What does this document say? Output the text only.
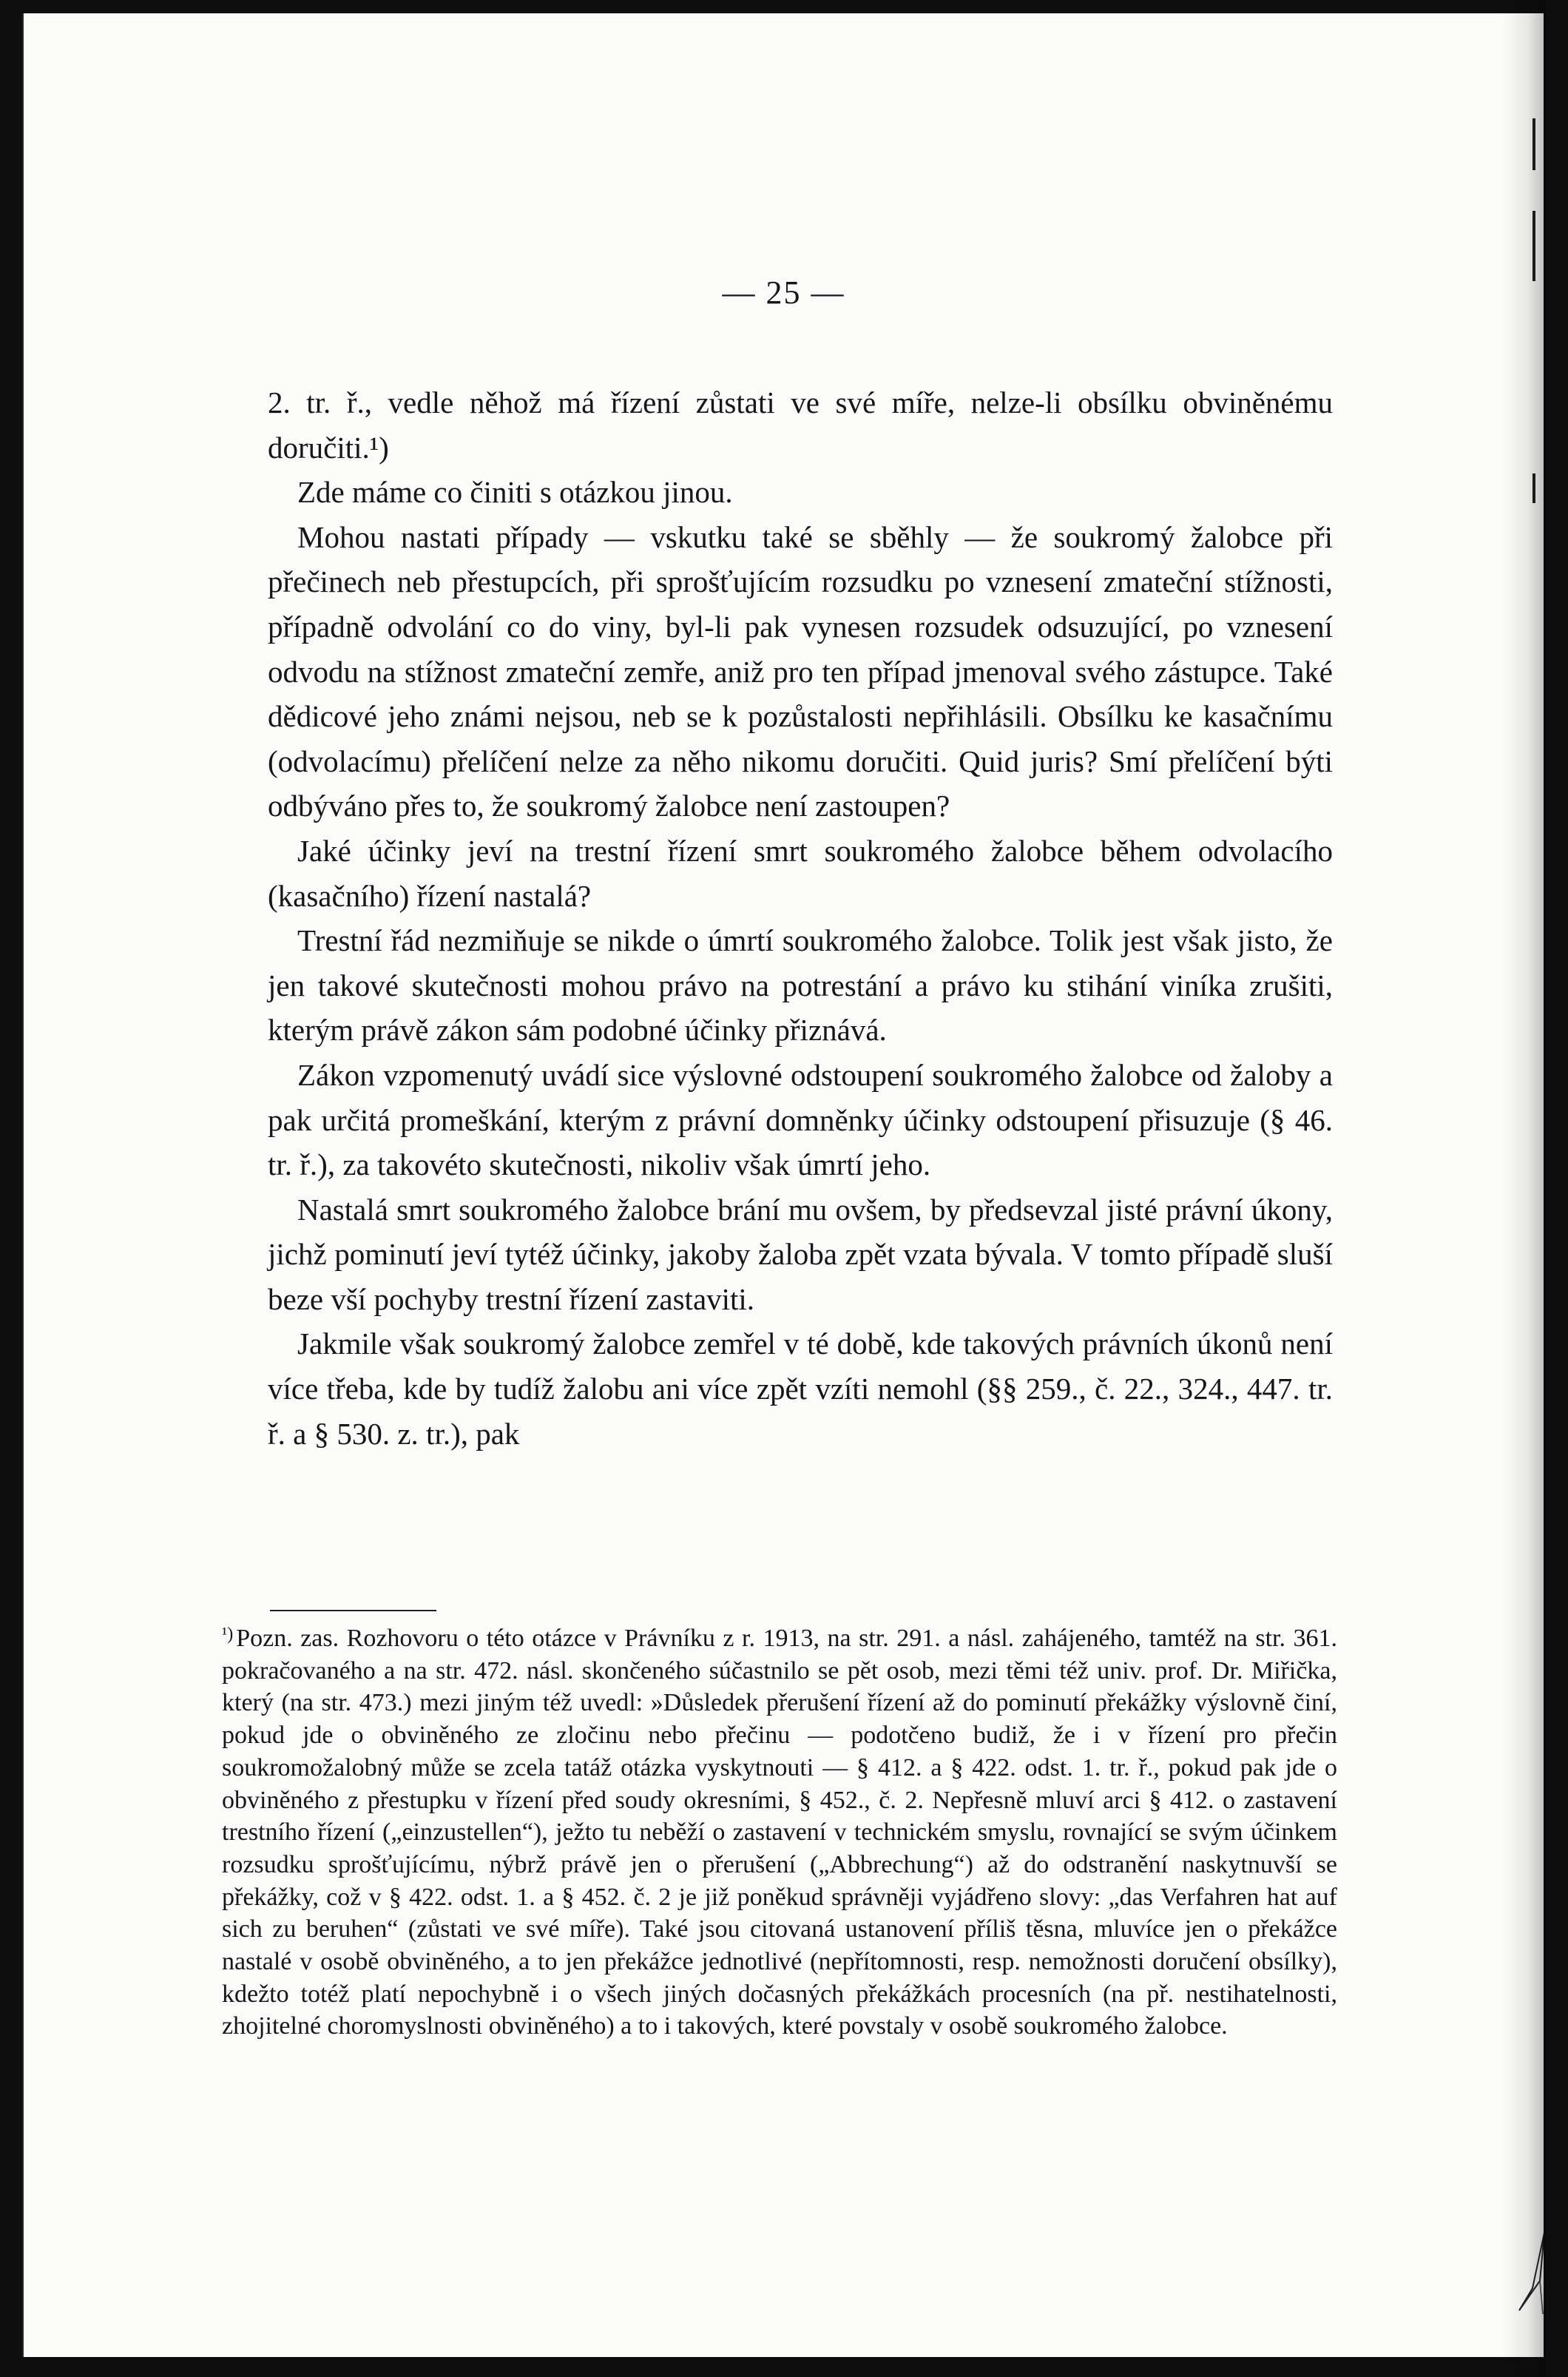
— 25 —

2. tr. ř., vedle něhož má řízení zůstati ve své míře, nelze-li obsílku obviněnému doručiti.¹)

Zde máme co činiti s otázkou jinou.

Mohou nastati případy — vskutku také se sběhly — že soukromý žalobce při přečinech neb přestupcích, při sprošťujícím rozsudku po vznesení zmateční stížnosti, případně odvolání co do viny, byl-li pak vynesen rozsudek odsuzující, po vznesení odvodu na stížnost zmateční zemře, aniž pro ten případ jmenoval svého zástupce. Také dědicové jeho známi nejsou, neb se k pozůstalosti nepřihlásili. Obsílku ke kasačnímu (odvolacímu) přelíčení nelze za něho nikomu doručiti. Quid juris? Smí přelíčení býti odbýváno přes to, že soukromý žalobce není zastoupen?

Jaké účinky jeví na trestní řízení smrt soukromého žalobce během odvolacího (kasačního) řízení nastalá?

Trestní řád nezmiňuje se nikde o úmrtí soukromého žalobce. Tolik jest však jisto, že jen takové skutečnosti mohou právo na potrestání a právo ku stihání viníka zrušiti, kterým právě zákon sám podobné účinky přiznává.

Zákon vzpomenutý uvádí sice výslovné odstoupení soukromého žalobce od žaloby a pak určitá promeškání, kterým z právní domněnky účinky odstoupení přisuzuje (§ 46. tr. ř.), za takovéto skutečnosti, nikoliv však úmrtí jeho.

Nastalá smrt soukromého žalobce brání mu ovšem, by předsevzal jisté právní úkony, jichž pominutí jeví tytéž účinky, jakoby žaloba zpět vzata bývala. V tomto případě sluší beze vší pochyby trestní řízení zastaviti.

Jakmile však soukromý žalobce zemřel v té době, kde takových právních úkonů není více třeba, kde by tudíž žalobu ani více zpět vzíti nemohl (§§ 259., č. 22., 324., 447. tr. ř. a § 530. z. tr.), pak

$^{^1)}$ Pozn. zas. Rozhovoru o této otázce v Právníku z r. 1913, na str. 291. a násl. zahájeného, tamtéž na str. 361. pokračovaného a na str. 472. násl. skončeného súčastnilo se pět osob, mezi těmi též univ. prof. Dr. Miřička, který (na str. 473.) mezi jiným též uvedl: »Důsledek přerušení řízení až do pominutí překážky výslovně činí, pokud jde o obviněného ze zločinu nebo přečinu — podotčeno budiž, že i v řízení pro přečin soukromožalobný může se zcela tatáž otázka vyskytnouti — § 412. a § 422. odst. 1. tr. ř., pokud pak jde o obviněného z přestupku v řízení před soudy okresními, § 452., č. 2. Nepřesně mluví arci § 412. o zastavení trestního řízení („einzustellen“), ježto tu neběží o zastavení v technickém smyslu, rovnající se svým účinkem rozsudku sprošťujícímu, nýbrž právě jen o přerušení („Abbrechung“) až do odstranění naskytnuvší se překážky, což v § 422. odst. 1. a § 452. č. 2 je již poněkud správněji vyjádřeno slovy: „das Verfahren hat auf sich zu beruhen“ (zůstati ve své míře). Také jsou citovaná ustanovení příliš těsna, mluvíce jen o překážce nastalé v osobě obviněného, a to jen překážce jednotlivé (nepřítomnosti, resp. nemožnosti doručení obsílky), kdežto totéž platí nepochybně i o všech jiných dočasných překážkách procesních (na př. nestihatelnosti, zhojitelné choromyslnosti obviněného) a to i takových, které povstaly v osobě soukromého žalobce.
